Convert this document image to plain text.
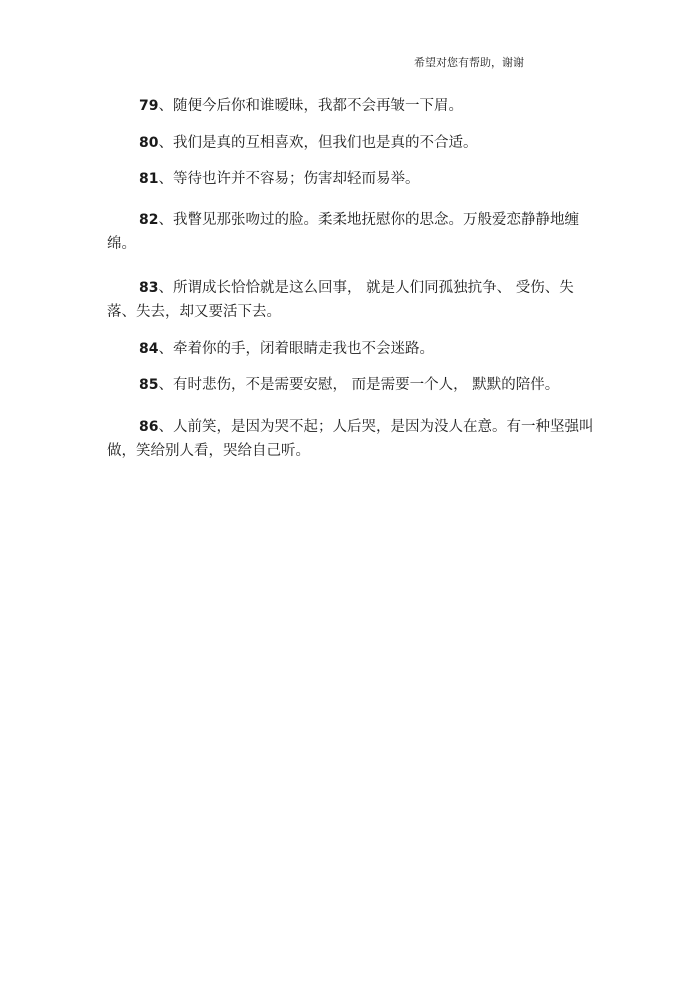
希望对您有帮助，谢谢

79、随便今后你和谁暧昧，我都不会再皱一下眉。

80、我们是真的互相喜欢，但我们也是真的不合适。

81、等待也许并不容易；伤害却轻而易举。

82、我瞥见那张吻过的脸。柔柔地抚慰你的思念。万般爱恋静静地缠绵。

83、所谓成长恰恰就是这么回事， 就是人们同孤独抗争、 受伤、失落、失去，却又要活下去。

84、牵着你的手，闭着眼睛走我也不会迷路。

85、有时悲伤，不是需要安慰， 而是需要一个人， 默默的陪伴。

86、人前笑，是因为哭不起；人后哭，是因为没人在意。有一种坚强叫做，笑给别人看，哭给自己听。
